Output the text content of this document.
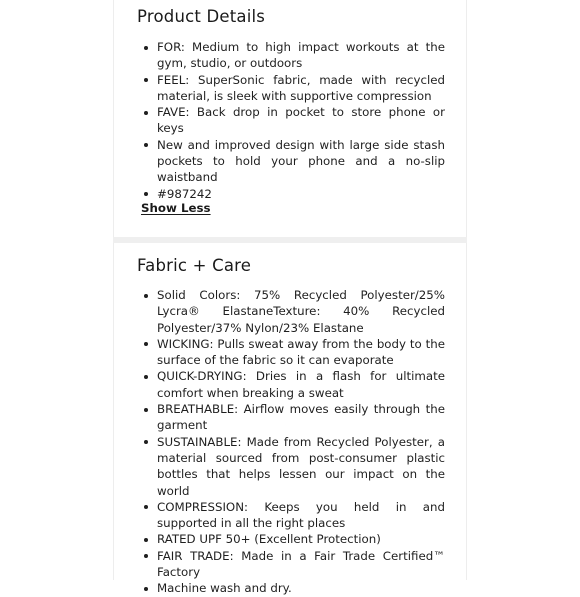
Product Details
FOR: Medium to high impact workouts at the gym, studio, or outdoors
FEEL: SuperSonic fabric, made with recycled material, is sleek with supportive compression
FAVE: Back drop in pocket to store phone or keys
New and improved design with large side stash pockets to hold your phone and a no-slip waistband
#987242
Show Less
Fabric + Care
Solid Colors: 75% Recycled Polyester/25% Lycra® ElastaneTexture: 40% Recycled Polyester/37% Nylon/23% Elastane
WICKING: Pulls sweat away from the body to the surface of the fabric so it can evaporate
QUICK-DRYING: Dries in a flash for ultimate comfort when breaking a sweat
BREATHABLE: Airflow moves easily through the garment
SUSTAINABLE: Made from Recycled Polyester, a material sourced from post-consumer plastic bottles that helps lessen our impact on the world
COMPRESSION: Keeps you held in and supported in all the right places
RATED UPF 50+ (Excellent Protection)
FAIR TRADE: Made in a Fair Trade Certified™ Factory
Machine wash and dry.
